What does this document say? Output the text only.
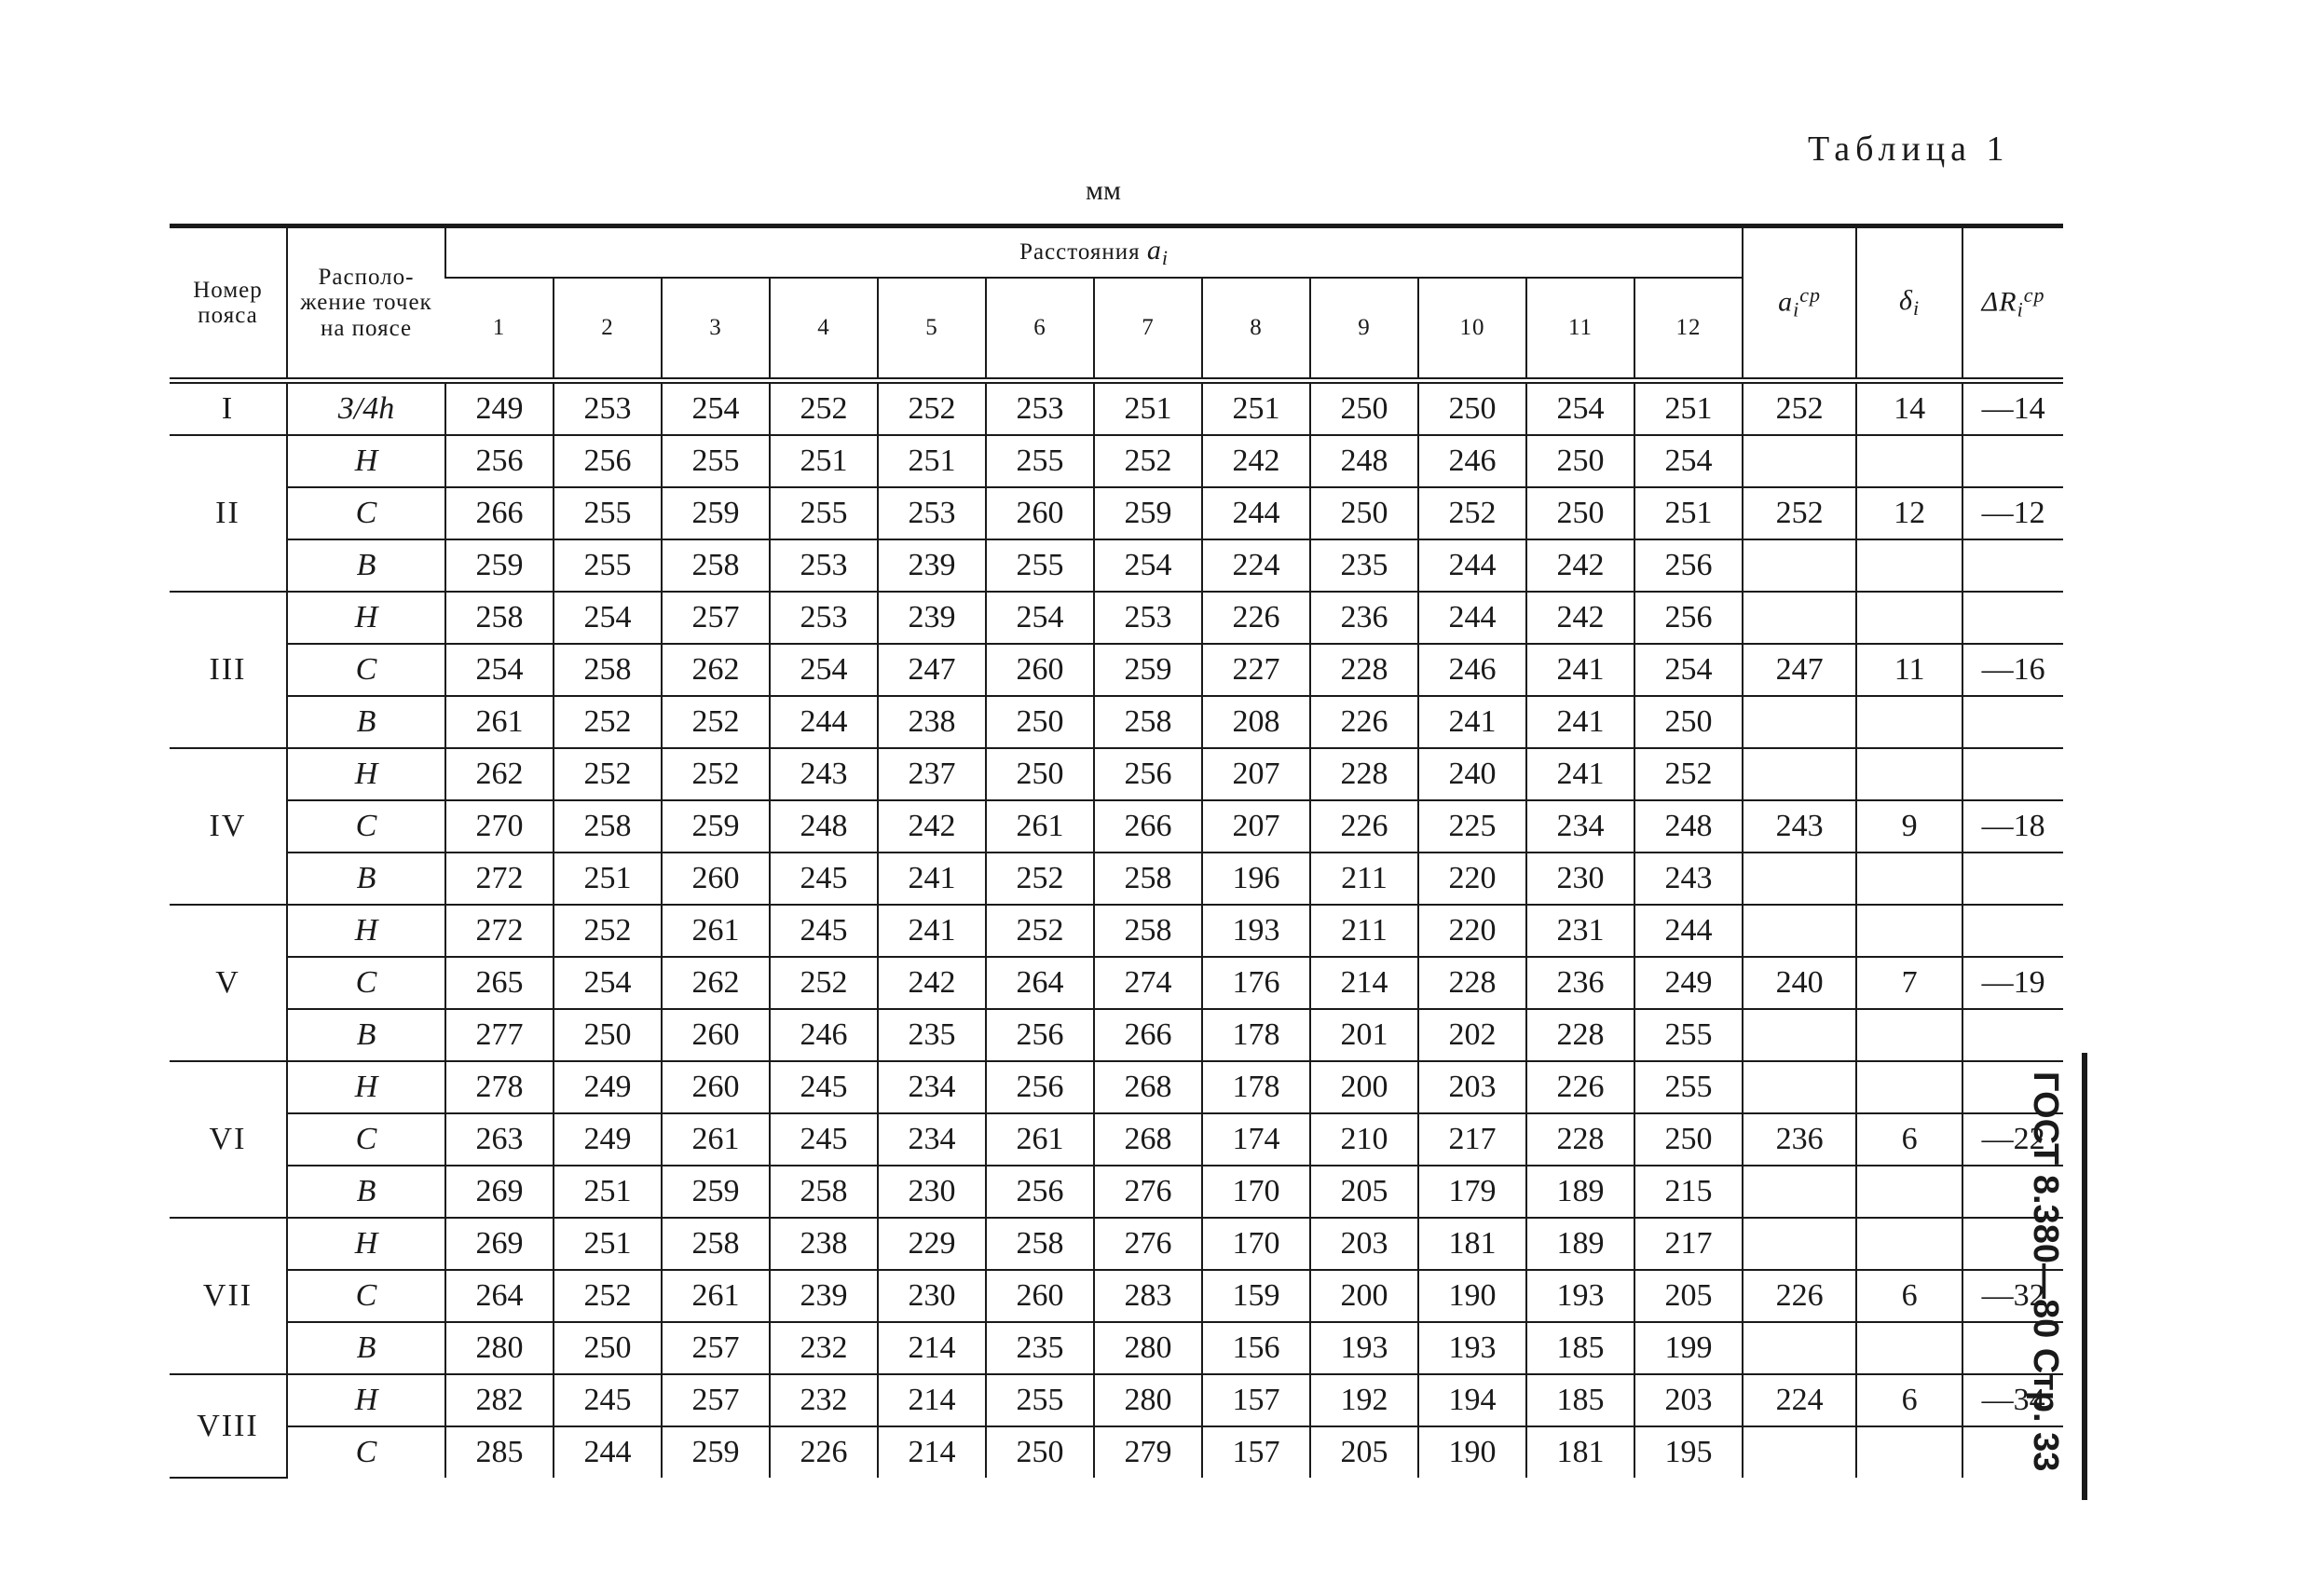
Таблица 1
мм
ГОСТ 8.380—80 Стр. 33
Номер пояса	Располо-жение точек на поясе	Расстояния $a_i$												$a_i^{ср}$	$\delta_i$	$\Delta R_i^{ср}$
		1	2	3	4	5	6	7	8	9	10	11	12			
I	3/4h	249	253	254	252	252	253	251	251	250	250	254	251	252	14	—14
II	H	256	256	255	251	251	255	252	242	248	246	250	254			
	C	266	255	259	255	253	260	259	244	250	252	250	251	252	12	—12
	B	259	255	258	253	239	255	254	224	235	244	242	256			
III	H	258	254	257	253	239	254	253	226	236	244	242	256			
	C	254	258	262	254	247	260	259	227	228	246	241	254	247	11	—16
	B	261	252	252	244	238	250	258	208	226	241	241	250			
IV	H	262	252	252	243	237	250	256	207	228	240	241	252			
	C	270	258	259	248	242	261	266	207	226	225	234	248	243	9	—18
	B	272	251	260	245	241	252	258	196	211	220	230	243			
V	H	272	252	261	245	241	252	258	193	211	220	231	244			
	C	265	254	262	252	242	264	274	176	214	228	236	249	240	7	—19
	B	277	250	260	246	235	256	266	178	201	202	228	255			
VI	H	278	249	260	245	234	256	268	178	200	203	226	255			
	C	263	249	261	245	234	261	268	174	210	217	228	250	236	6	—22
	B	269	251	259	258	230	256	276	170	205	179	189	215			
VII	H	269	251	258	238	229	258	276	170	203	181	189	217			
	C	264	252	261	239	230	260	283	159	200	190	193	205	226	6	—32
	B	280	250	257	232	214	235	280	156	193	193	185	199			
VIII	H	282	245	257	232	214	255	280	157	192	194	185	203	224	6	—34
	C	285	244	259	226	214	250	279	157	205	190	181	195			
